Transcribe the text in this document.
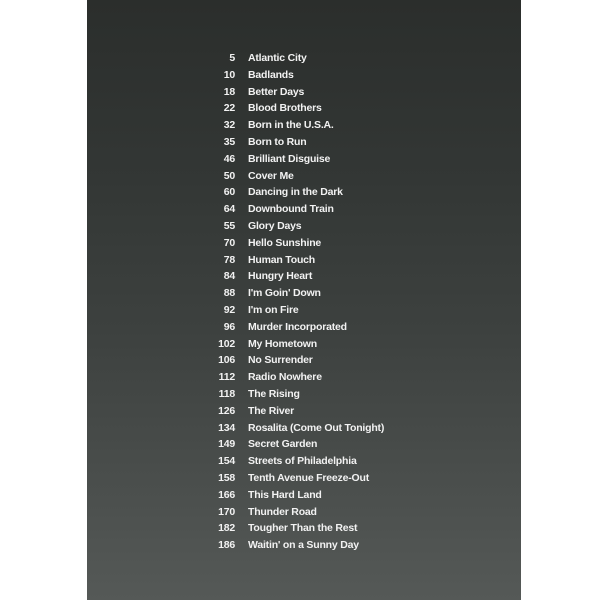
5 Atlantic City
10 Badlands
18 Better Days
22 Blood Brothers
32 Born in the U.S.A.
35 Born to Run
46 Brilliant Disguise
50 Cover Me
60 Dancing in the Dark
64 Downbound Train
55 Glory Days
70 Hello Sunshine
78 Human Touch
84 Hungry Heart
88 I'm Goin' Down
92 I'm on Fire
96 Murder Incorporated
102 My Hometown
106 No Surrender
112 Radio Nowhere
118 The Rising
126 The River
134 Rosalita (Come Out Tonight)
149 Secret Garden
154 Streets of Philadelphia
158 Tenth Avenue Freeze-Out
166 This Hard Land
170 Thunder Road
182 Tougher Than the Rest
186 Waitin' on a Sunny Day
